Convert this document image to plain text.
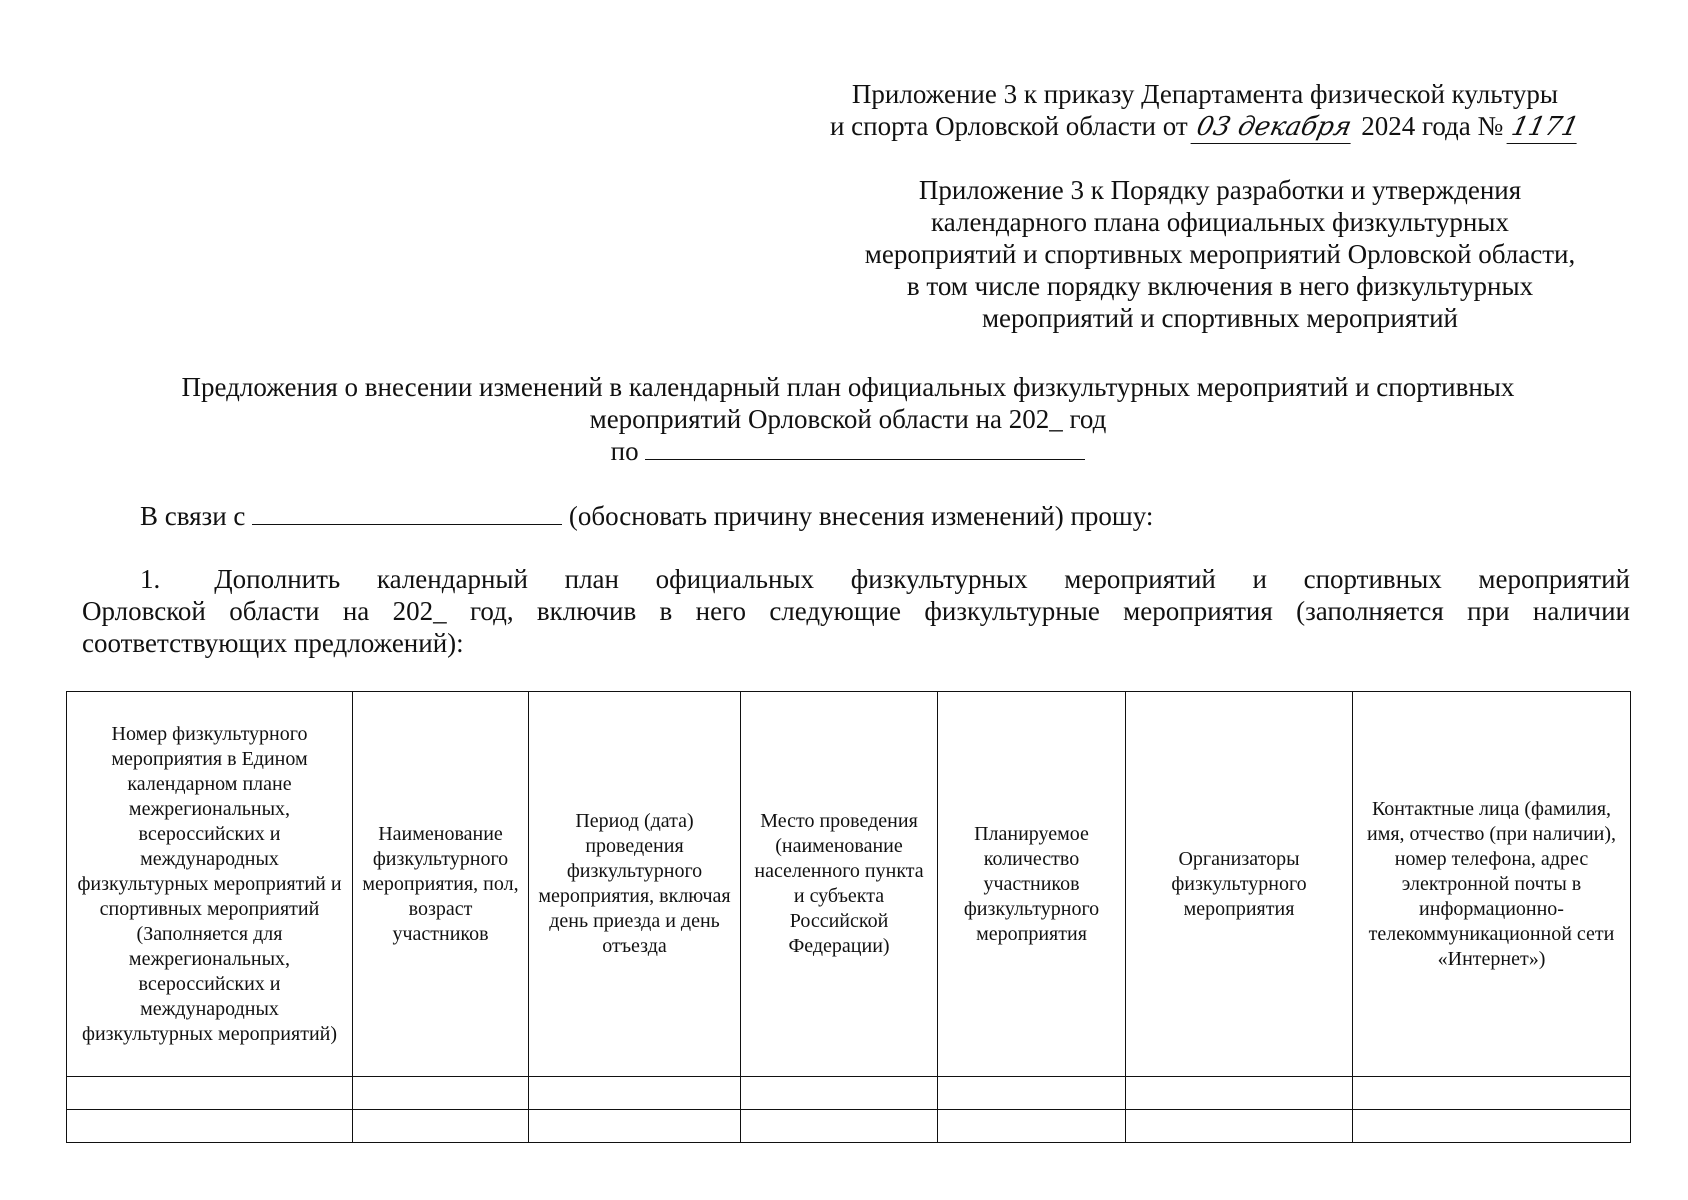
Приложение 3 к приказу Департамента физической культуры
и спорта Орловской области от 03 декабря 2024 года № 1171
Приложение 3 к Порядку разработки и утверждения
календарного плана официальных физкультурных
мероприятий и спортивных мероприятий Орловской области,
в том числе порядку включения в него физкультурных
мероприятий и спортивных мероприятий
Предложения о внесении изменений в календарный план официальных физкультурных мероприятий и спортивных
мероприятий Орловской области на 202_ год
по
В связи с	(обосновать причину внесения изменений) прошу:
1. Дополнить календарный план официальных физкультурных мероприятий и спортивных мероприятий
Орловской области на 202_ год, включив в него следующие физкультурные мероприятия (заполняется при наличии
соответствующих предложений):
Номер физкультурного мероприятия в Едином календарном плане межрегиональных, всероссийских и международных физкультурных мероприятий и спортивных мероприятий (Заполняется для межрегиональных, всероссийских и международных физкультурных мероприятий)	Наименование физкультурного мероприятия, пол, возраст участников	Период (дата) проведения физкультурного мероприятия, включая день приезда и день отъезда	Место проведения (наименование населенного пункта и субъекта Российской Федерации)	Планируемое количество участников физкультурного мероприятия	Организаторы физкультурного мероприятия	Контактные лица (фамилия, имя, отчество (при наличии), номер телефона, адрес электронной почты в информационно-телекоммуникационной сети «Интернет»)
